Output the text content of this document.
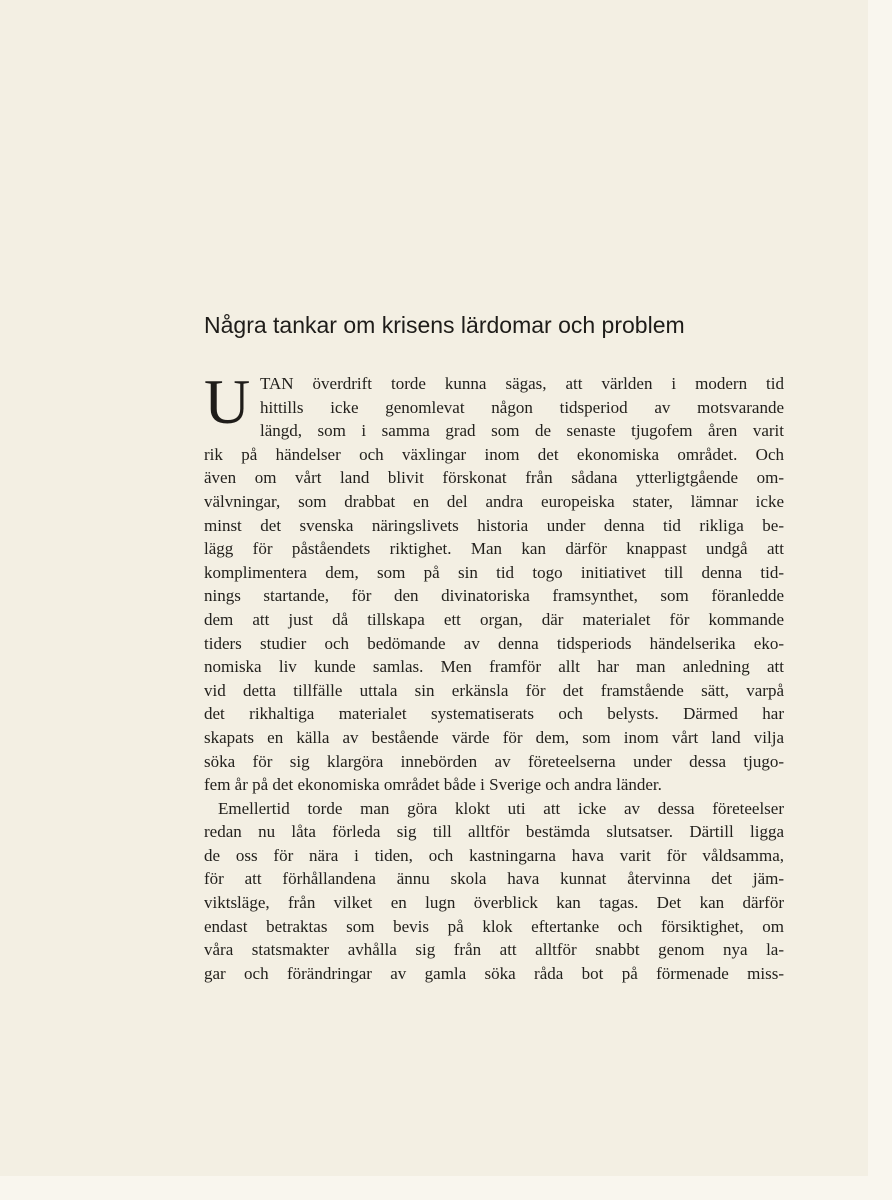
Några tankar om krisens lärdomar och problem
U TAN överdrift torde kunna sägas, att världen i modern tid
hittills icke genomlevat någon tidsperiod av motsvarande
längd, som i samma grad som de senaste tjugofem åren varit
rik på händelser och växlingar inom det ekonomiska området. Och
även om vårt land blivit förskonat från sådana ytterligtgående om-
välvningar, som drabbat en del andra europeiska stater, lämnar icke
minst det svenska näringslivets historia under denna tid rikliga be-
lägg för påståendets riktighet. Man kan därför knappast undgå att
komplimentera dem, som på sin tid togo initiativet till denna tid-
nings startande, för den divinatoriska framsynthet, som föranledde
dem att just då tillskapa ett organ, där materialet för kommande
tiders studier och bedömande av denna tidsperiods händelserika eko-
nomiska liv kunde samlas. Men framför allt har man anledning att
vid detta tillfälle uttala sin erkänsla för det framstående sätt, varpå
det rikhaltiga materialet systematiserats och belysts. Därmed har
skapats en källa av bestående värde för dem, som inom vårt land vilja
söka för sig klargöra innebörden av företeelserna under dessa tjugo-
fem år på det ekonomiska området både i Sverige och andra länder.
Emellertid torde man göra klokt uti att icke av dessa företeelser
redan nu låta förleda sig till alltför bestämda slutsatser. Därtill ligga
de oss för nära i tiden, och kastningarna hava varit för våldsamma,
för att förhållandena ännu skola hava kunnat återvinna det jäm-
viktsläge, från vilket en lugn överblick kan tagas. Det kan därför
endast betraktas som bevis på klok eftertanke och försiktighet, om
våra statsmakter avhålla sig från att alltför snabbt genom nya la-
gar och förändringar av gamla söka råda bot på förmenade miss-
